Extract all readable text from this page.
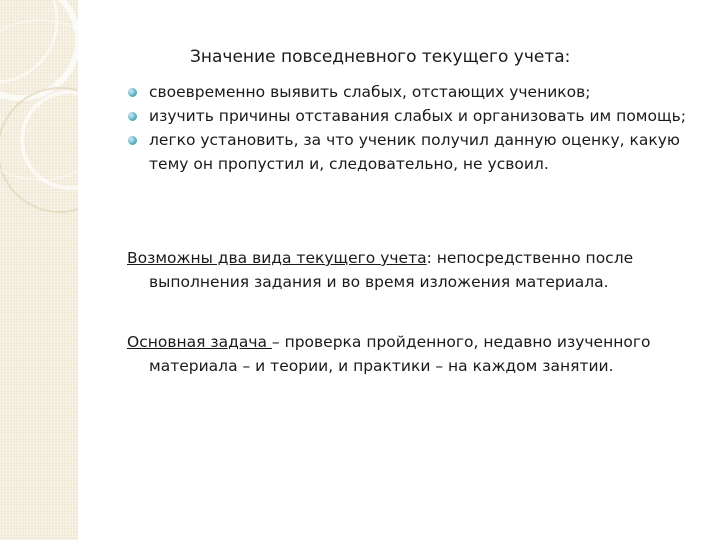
Значение повседневного текущего учета:
своевременно выявить слабых, отстающих учеников;
изучить причины отставания слабых и организовать им помощь;
легко установить, за что ученик получил данную оценку, какую тему он пропустил и, следовательно, не усвоил.

Возможны два вида текущего учета: непосредственно после выполнения задания и во время изложения материала.

Основная задача – проверка пройденного, недавно изученного материала – и теории, и практики – на каждом занятии.
